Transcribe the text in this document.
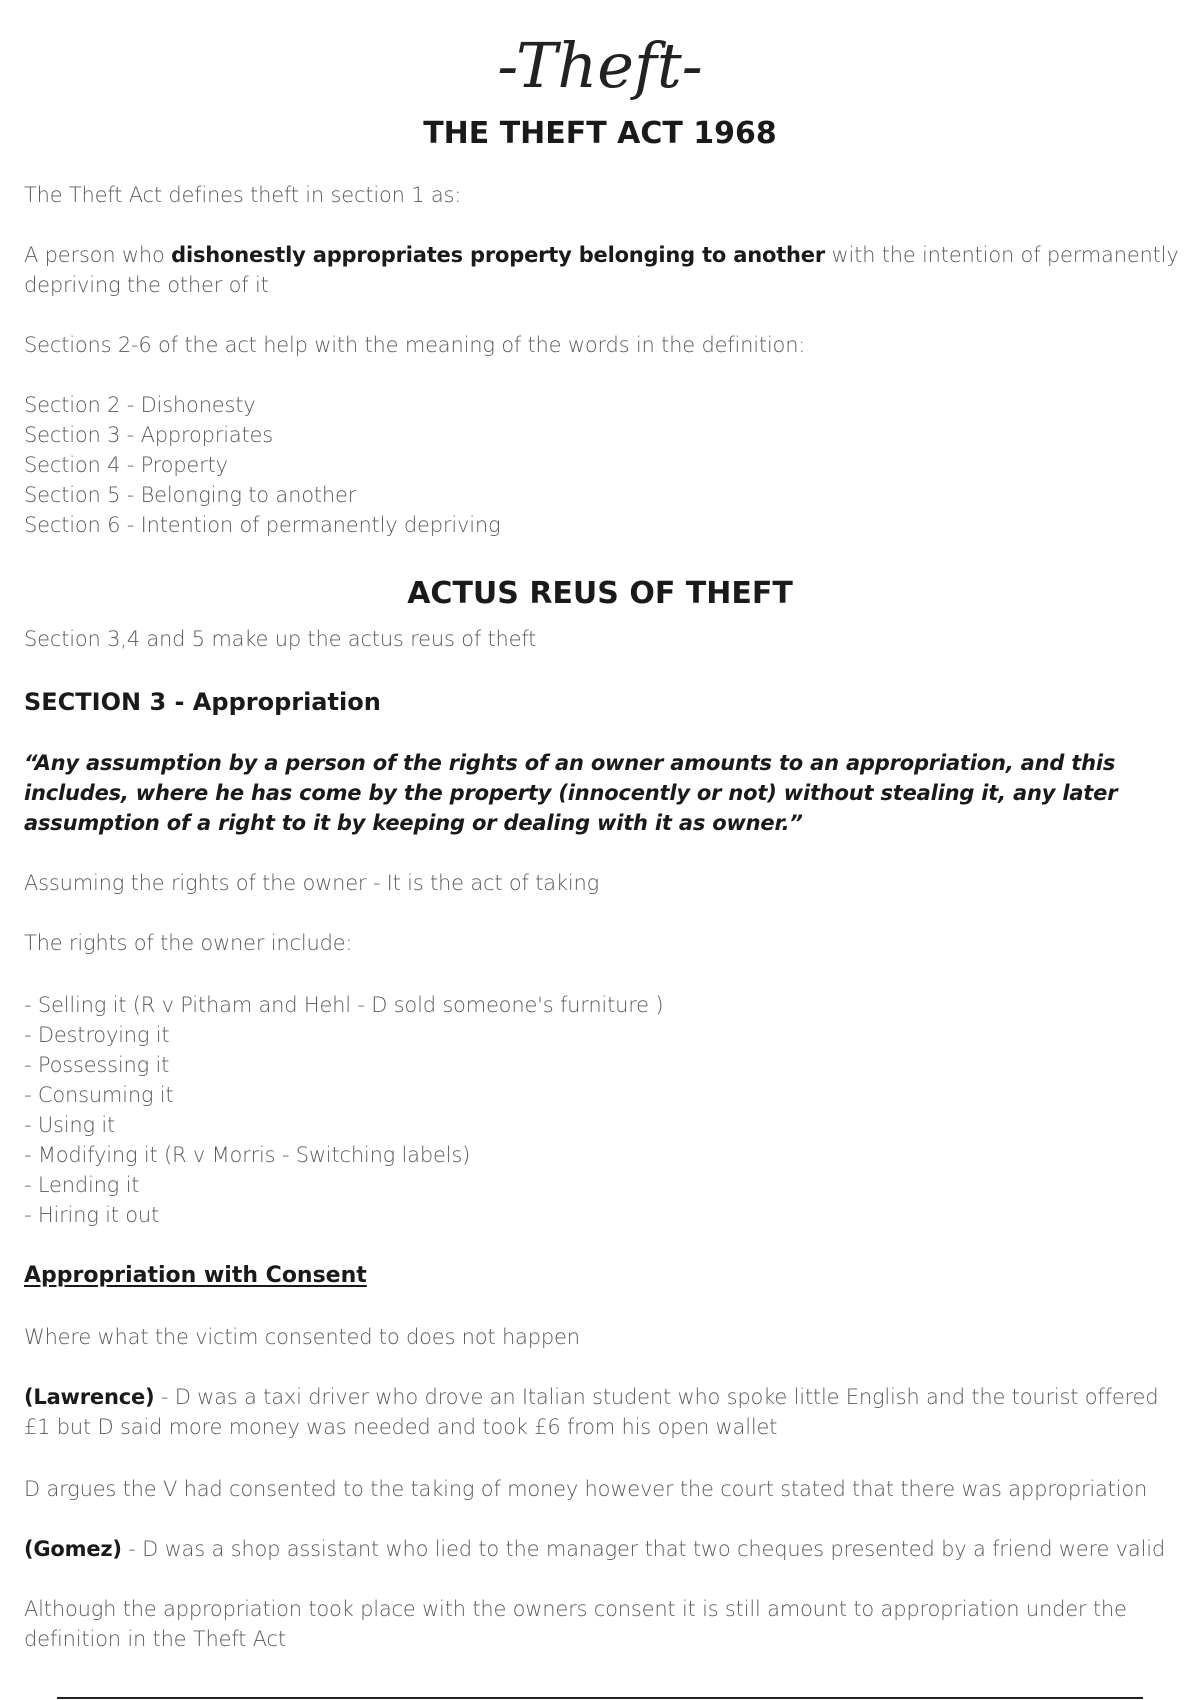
-Theft-
THE THEFT ACT 1968

The Theft Act defines theft in section 1 as:

A person who dishonestly appropriates property belonging to another with the intention of permanently depriving the other of it

Sections 2-6 of the act help with the meaning of the words in the definition:

Section 2 - Dishonesty
Section 3 - Appropriates
Section 4 - Property
Section 5 - Belonging to another
Section 6 - Intention of permanently depriving
ACTUS REUS OF THEFT

Section 3,4 and 5 make up the actus reus of theft

SECTION 3 - Appropriation

“Any assumption by a person of the rights of an owner amounts to an appropriation, and this includes, where he has come by the property (innocently or not) without stealing it, any later assumption of a right to it by keeping or dealing with it as owner.”

Assuming the rights of the owner - It is the act of taking

The rights of the owner include:

- Selling it (R v Pitham and Hehl - D sold someone's furniture )
- Destroying it
- Possessing it
- Consuming it
- Using it
- Modifying it (R v Morris - Switching labels)
- Lending it
- Hiring it out
Appropriation with Consent

Where what the victim consented to does not happen

(Lawrence) - D was a taxi driver who drove an Italian student who spoke little English and the tourist offered £1 but D said more money was needed and took £6 from his open wallet

D argues the V had consented to the taking of money however the court stated that there was appropriation

(Gomez) - D was a shop assistant who lied to the manager that two cheques presented by a friend were valid

Although the appropriation took place with the owners consent it is still amount to appropriation under the definition in the Theft Act
